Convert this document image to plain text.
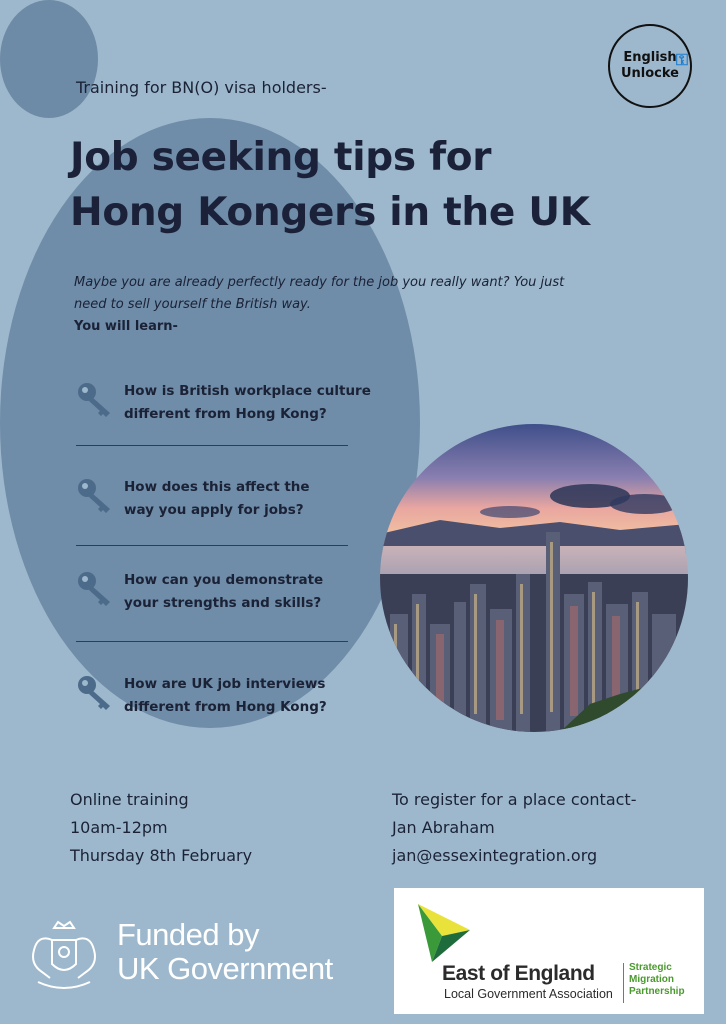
English
Unlocke
⚿
Training for BN(O) visa holders-
Job seeking tips for
Hong Kongers in the UK
Maybe you are already perfectly ready for the job you really want? You just
need to sell yourself the British way.
You will learn-
How is British workplace culture
different from Hong Kong?
How does this affect the
way you apply for jobs?
How can you demonstrate
your strengths and skills?
How are UK job interviews
different from Hong Kong?
Online training
10am-12pm
Thursday 8th February
To register for a place contact-
Jan Abraham
jan@essexintegration.org
Funded by
UK Government	East of England
Local Government Association
Strategic
Migration
Partnership
